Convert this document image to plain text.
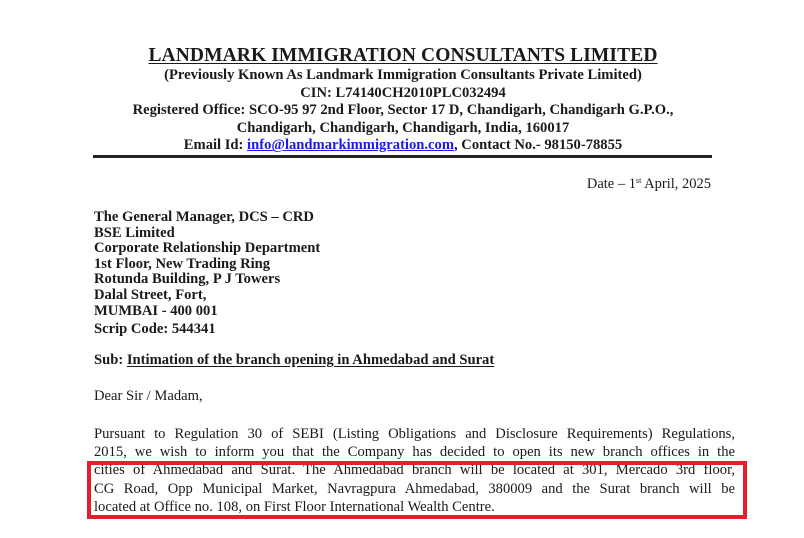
LANDMARK IMMIGRATION CONSULTANTS LIMITED
(Previously Known As Landmark Immigration Consultants Private Limited)
CIN: L74140CH2010PLC032494
Registered Office: SCO-95 97 2nd Floor, Sector 17 D, Chandigarh, Chandigarh G.P.O.,
Chandigarh, Chandigarh, Chandigarh, India, 160017
Email Id: info@landmarkimmigration.com, Contact No.- 98150-78855
Date – 1st April, 2025
The General Manager, DCS – CRD
BSE Limited
Corporate Relationship Department
1st Floor, New Trading Ring
Rotunda Building, P J Towers
Dalal Street, Fort,
MUMBAI - 400 001
Scrip Code: 544341
Sub: Intimation of the branch opening in Ahmedabad and Surat
Dear Sir / Madam,
Pursuant to Regulation 30 of SEBI (Listing Obligations and Disclosure Requirements) Regulations,
2015, we wish to inform you that the Company has decided to open its new branch offices in the
cities of Ahmedabad and Surat. The Ahmedabad branch will be located at 301, Mercado 3rd floor,
CG Road, Opp Municipal Market, Navragpura Ahmedabad, 380009 and the Surat branch will be
located at Office no. 108, on First Floor International Wealth Centre.
